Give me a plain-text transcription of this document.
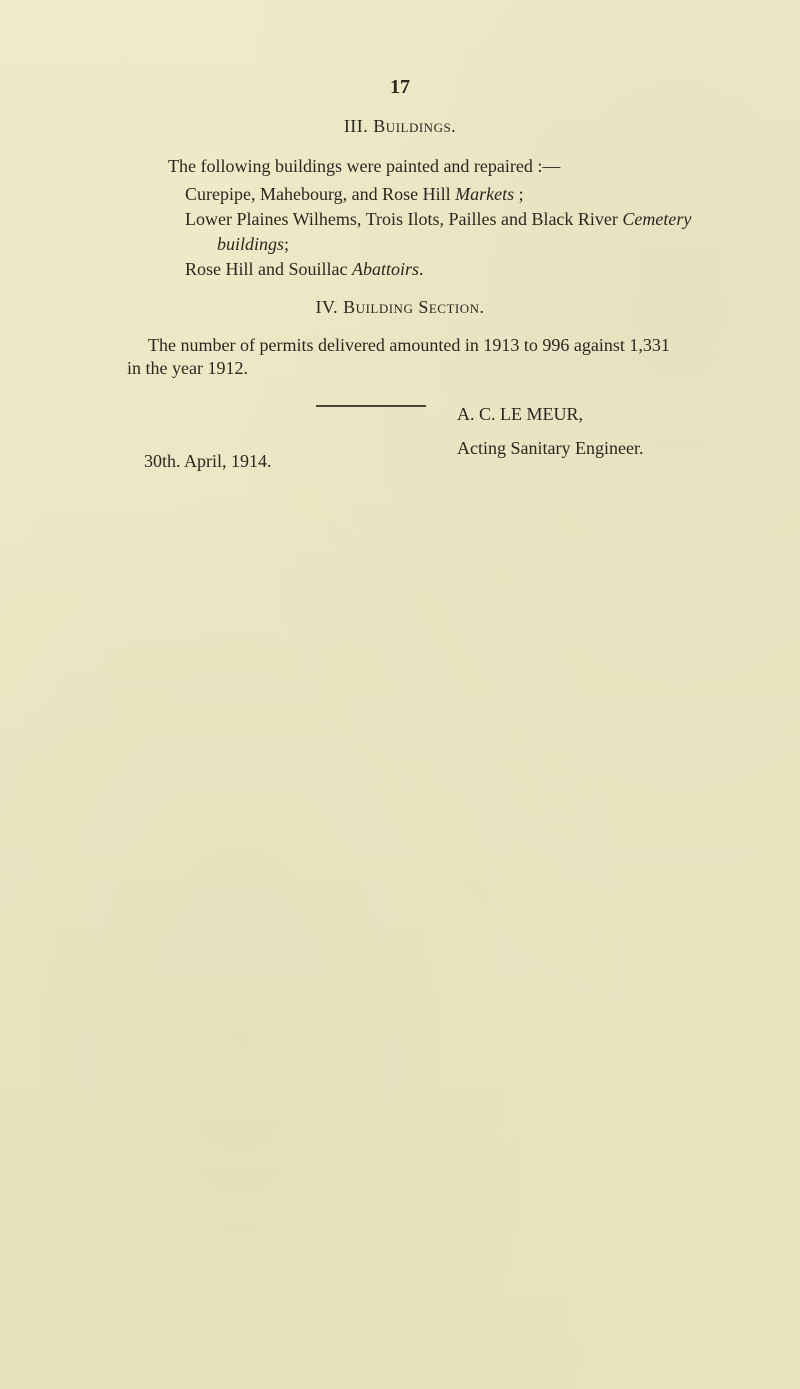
17
III. Buildings.
The following buildings were painted and repaired :—
Curepipe, Mahebourg, and Rose Hill Markets ;
Lower Plaines Wilhems, Trois Ilots, Pailles and Black River Cemetery
buildings;
Rose Hill and Souillac Abattoirs.
IV. Building Section.
The number of permits delivered amounted in 1913 to 996 against 1,331
in the year 1912.
A. C. LE MEUR,
Acting Sanitary Engineer.
30th. April, 1914.
